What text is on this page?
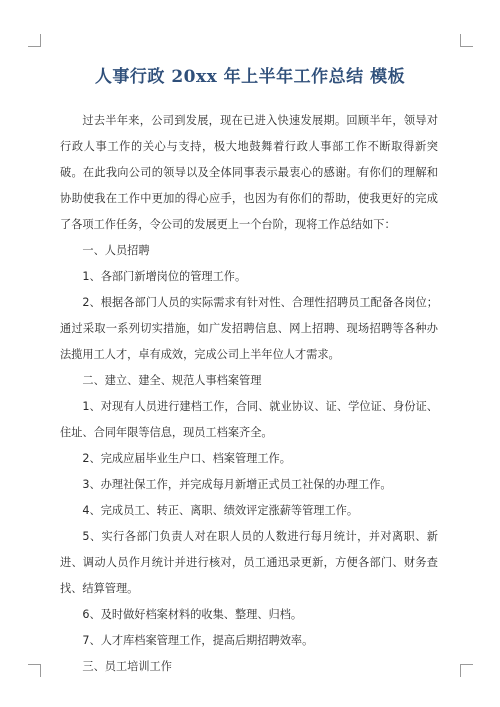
人事行政 20xx 年上半年工作总结 模板

过去半年来，公司到发展，现在已进入快速发展期。回顾半年，领导对行政人事工作的关心与支持，极大地鼓舞着行政人事部工作不断取得新突破。在此我向公司的领导以及全体同事表示最衷心的感谢。有你们的理解和协助使我在工作中更加的得心应手，也因为有你们的帮助，使我更好的完成了各项工作任务，令公司的发展更上一个台阶，现将工作总结如下：

一、人员招聘

1、各部门新增岗位的管理工作。

2、根据各部门人员的实际需求有针对性、合理性招聘员工配备各岗位；通过采取一系列切实措施，如广发招聘信息、网上招聘、现场招聘等各种办法揽用工人才，卓有成效，完成公司上半年位人才需求。

二、建立、建全、规范人事档案管理

1、对现有人员进行建档工作，合同、就业协议、证、学位证、身份证、住址、合同年限等信息，现员工档案齐全。

2、完成应届毕业生户口、档案管理工作。

3、办理社保工作，并完成每月新增正式员工社保的办理工作。

4、完成员工、转正、离职、绩效评定涨薪等管理工作。

5、实行各部门负责人对在职人员的人数进行每月统计，并对离职、新进、调动人员作月统计并进行核对，员工通迅录更新，方便各部门、财务查找、结算管理。

6、及时做好档案材料的收集、整理、归档。

7、人才库档案管理工作，提高后期招聘效率。

三、员工培训工作
